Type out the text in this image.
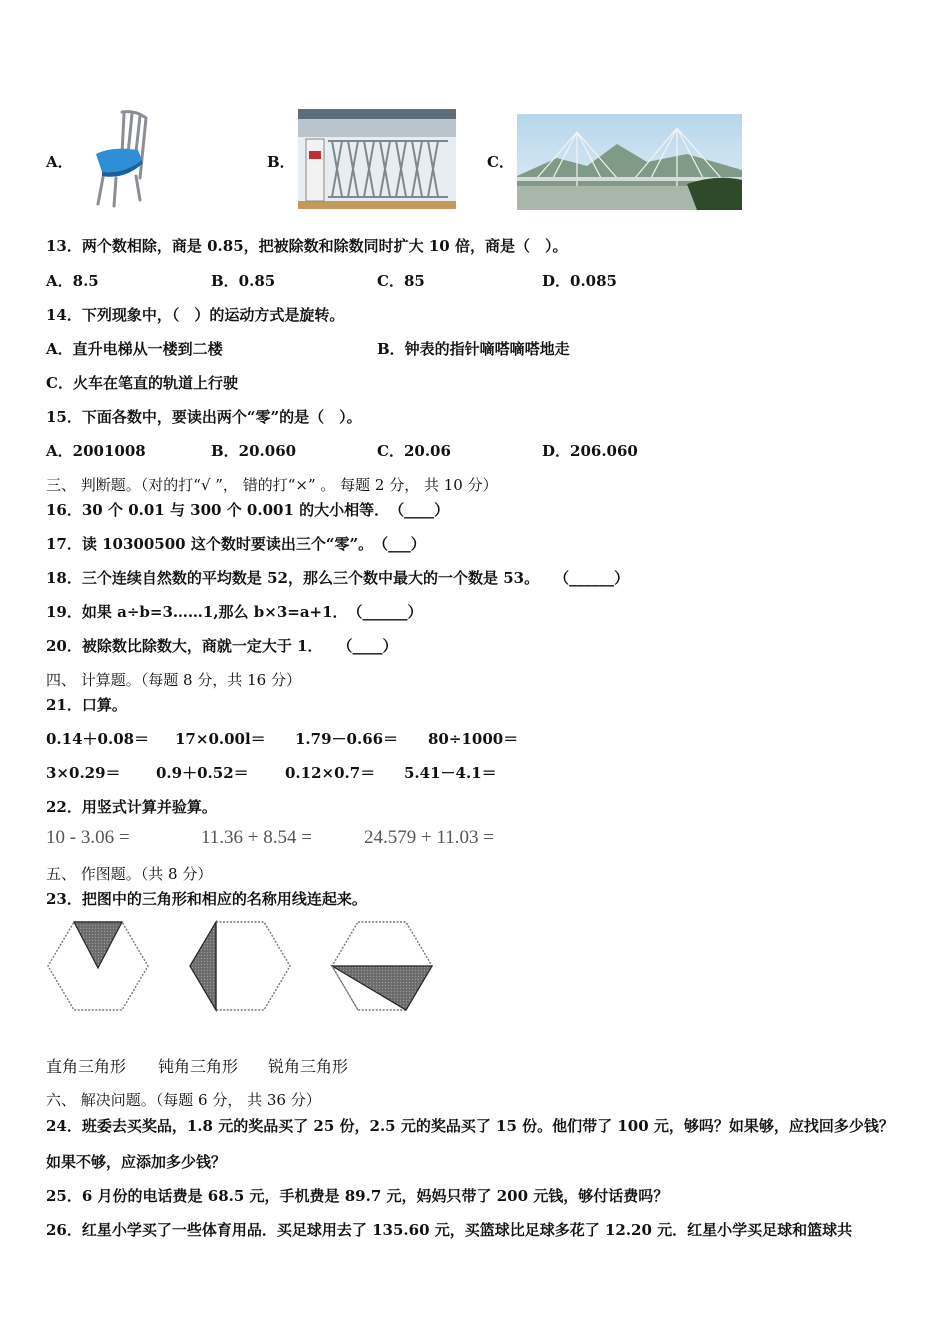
A．	B．	C．
13．两个数相除，商是 0.85，把被除数和除数同时扩大 10 倍，商是（　）。
A．8.5	B．0.85	C．85	D．0.085
14．下列现象中，（　）的运动方式是旋转。
A．直升电梯从一楼到二楼	B．钟表的指针嘀嗒嘀嗒地走
C．火车在笔直的轨道上行驶
15．下面各数中，要读出两个“零”的是（　）。
A．2001008	B．20.060	C．20.06	D．206.060
三、 判断题。（对的打“√ ”， 错的打“×” 。 每题 2 分， 共 10 分）
16．30 个 0.01 与 300 个 0.001 的大小相等．　（____）
17．读 10300500 这个数时要读出三个“零”。　（___）
18．三个连续自然数的平均数是 52，那么三个数中最大的一个数是 53。　　（______）
19．如果 a÷b=3……1,那么 b×3=a+1．　（______）
20．被除数比除数大，商就一定大于 1．　　（____）
四、 计算题。（每题 8 分，共 16 分）
21．口算。
0.14＋0.08＝ 17×0.00l＝ 1.79－0.66＝ 80÷1000＝
3×0.29＝ 0.9＋0.52＝ 0.12×0.7＝ 5.41－4.1＝
22．用竖式计算并验算。
10 - 3.06 =	11.36 + 8.54 =	24.579 + 11.03 =
五、 作图题。（共 8 分）
23．把图中的三角形和相应的名称用线连起来。
直角三角形 钝角三角形 锐角三角形
六、 解决问题。（每题 6 分， 共 36 分）
24．班委去买奖品，1.8 元的奖品买了 25 份，2.5 元的奖品买了 15 份。他们带了 100 元，够吗？如果够，应找回多少钱？
如果不够，应添加多少钱？
25．6 月份的电话费是 68.5 元，手机费是 89.7 元，妈妈只带了 200 元钱，够付话费吗？
26．红星小学买了一些体育用品．买足球用去了 135.60 元，买篮球比足球多花了 12.20 元．红星小学买足球和篮球共
